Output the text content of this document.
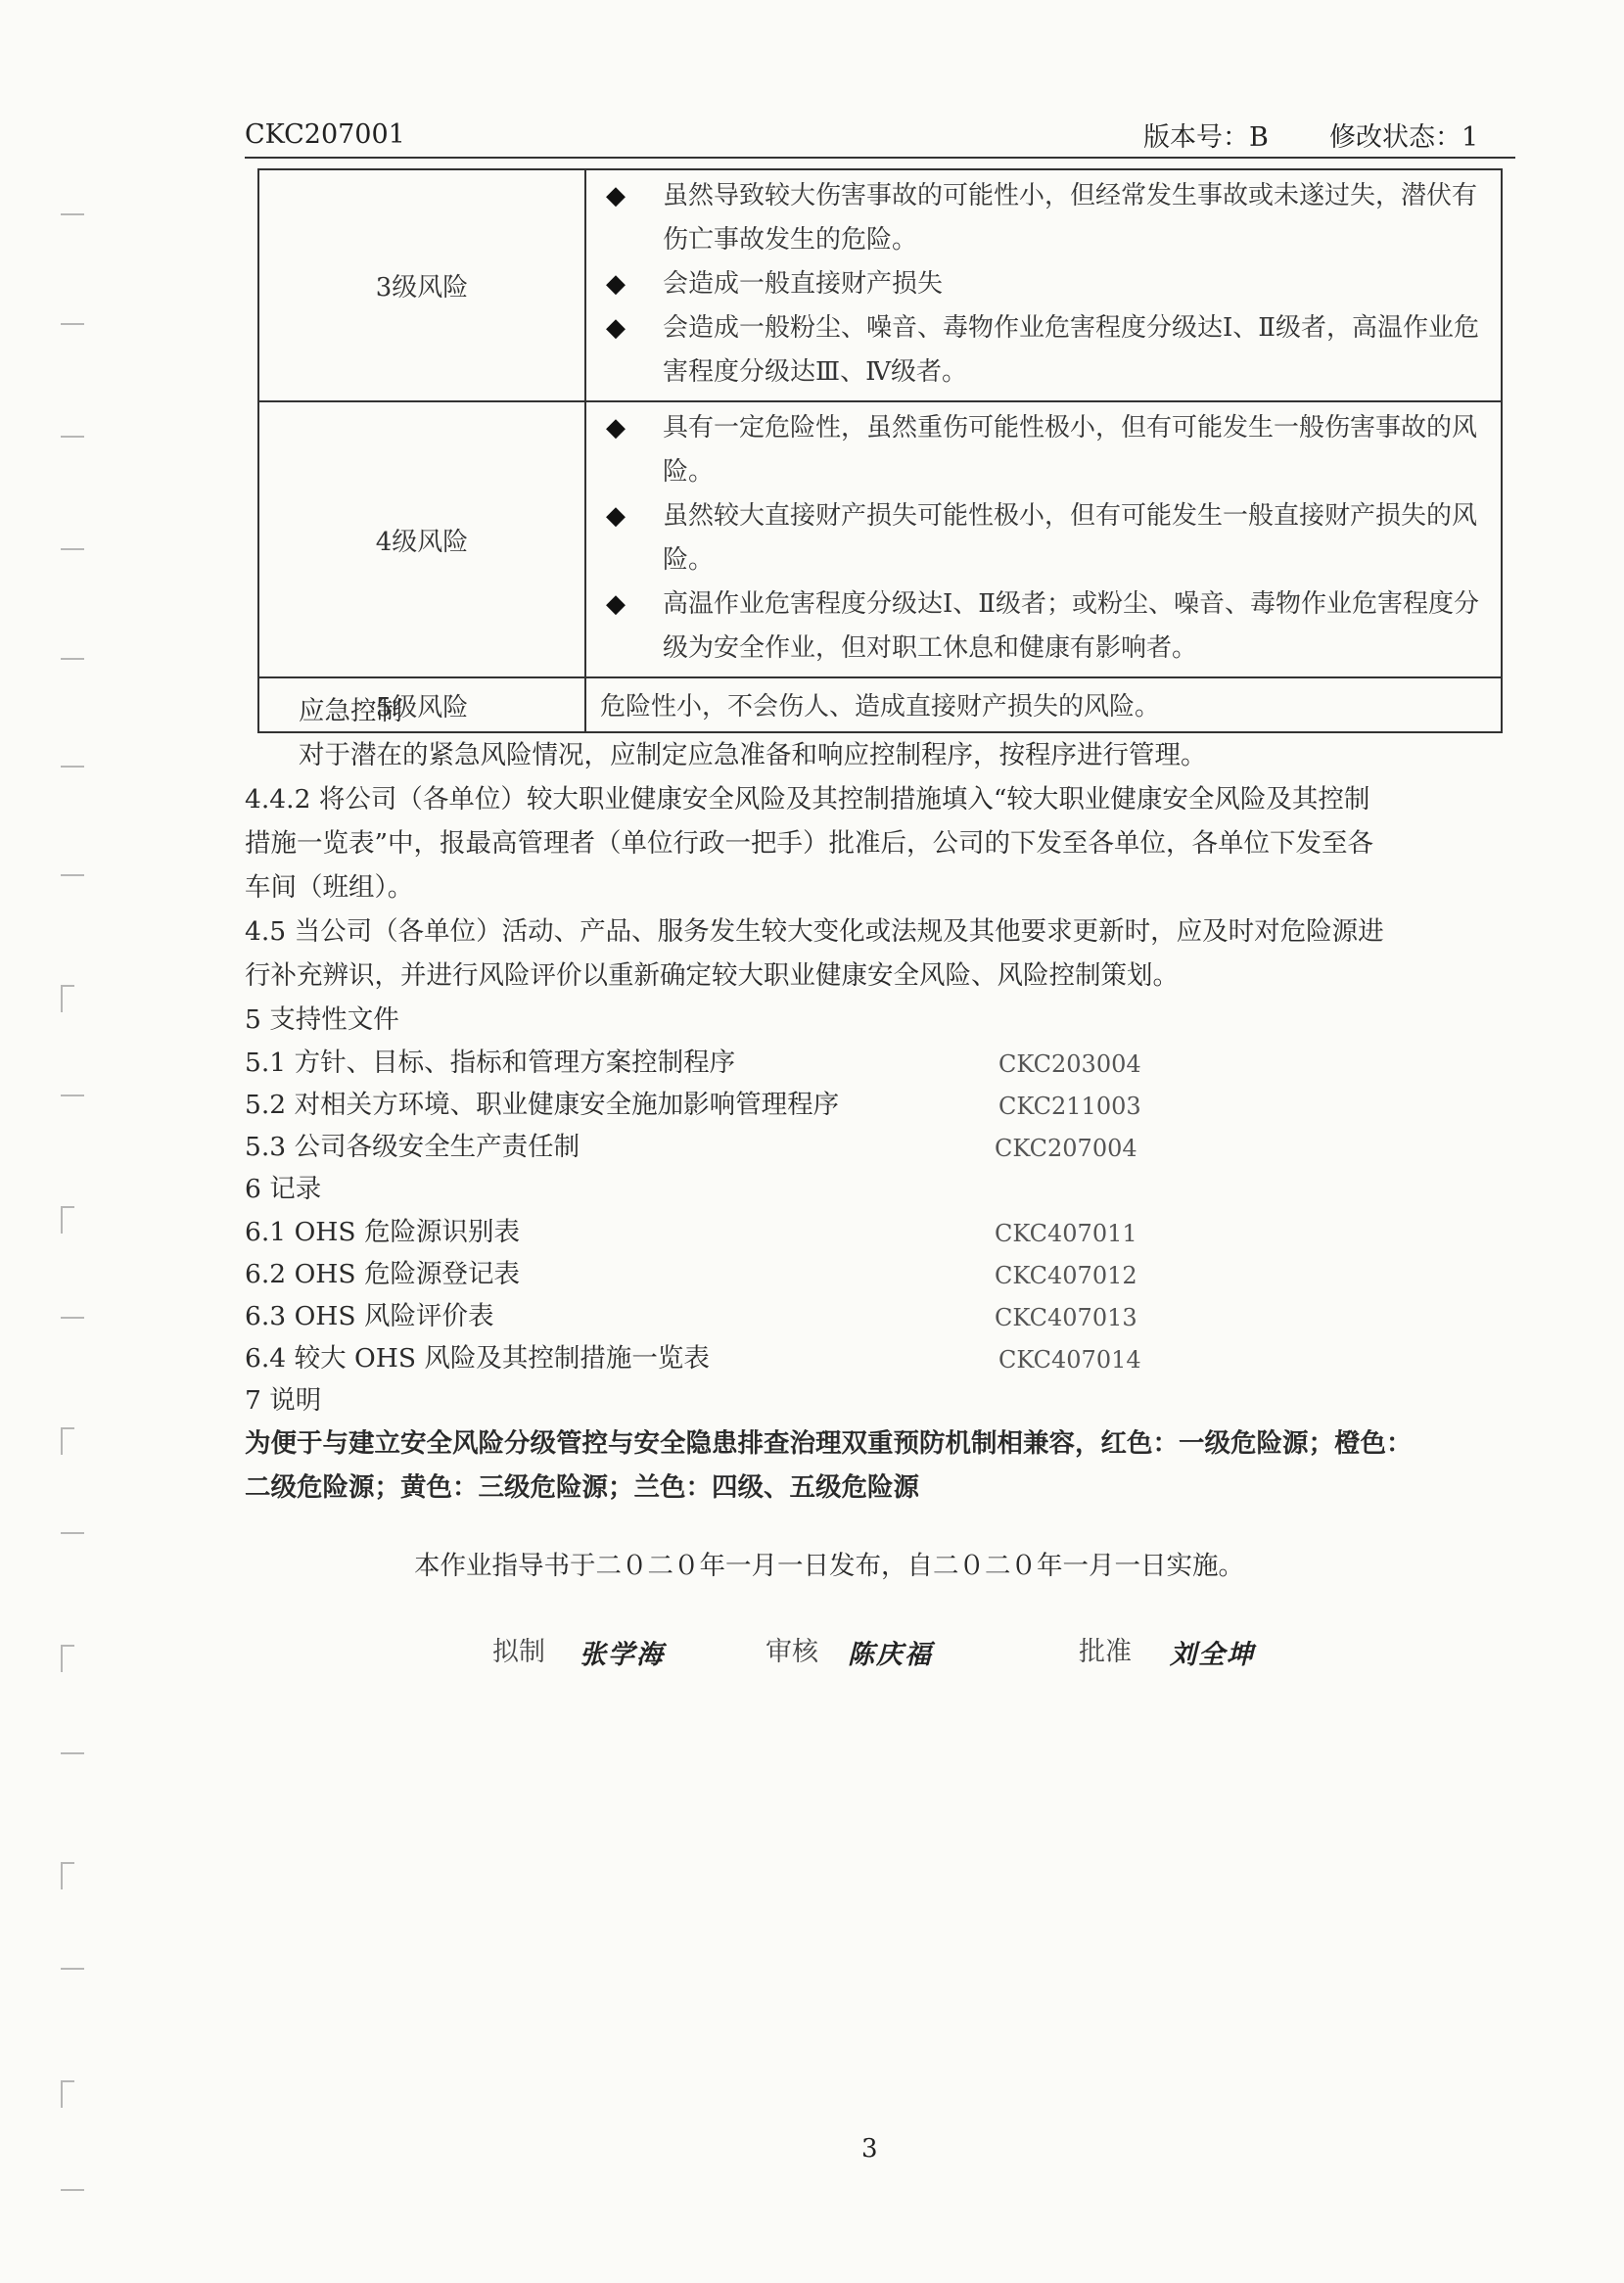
CKC207001	版本号：B 修改状态：1
3级风险	◆ 虽然导致较大伤害事故的可能性小，但经常发生事故或未遂过失，潜伏有伤亡事故发生的危险。
◆ 会造成一般直接财产损失
◆ 会造成一般粉尘、噪音、毒物作业危害程度分级达Ⅰ、Ⅱ级者，高温作业危害程度分级达Ⅲ、Ⅳ级者。

4级风险	◆ 具有一定危险性，虽然重伤可能性极小，但有可能发生一般伤害事故的风险。
◆ 虽然较大直接财产损失可能性极小，但有可能发生一般直接财产损失的风险。
◆ 高温作业危害程度分级达Ⅰ、Ⅱ级者；或粉尘、噪音、毒物作业危害程度分级为安全作业，但对职工休息和健康有影响者。

5级风险	危险性小，不会伤人、造成直接财产损失的风险。
应急控制
对于潜在的紧急风险情况，应制定应急准备和响应控制程序，按程序进行管理。
4.4.2 将公司（各单位）较大职业健康安全风险及其控制措施填入“较大职业健康安全风险及其控制
措施一览表”中，报最高管理者（单位行政一把手）批准后，公司的下发至各单位，各单位下发至各
车间（班组）。
4.5 当公司（各单位）活动、产品、服务发生较大变化或法规及其他要求更新时，应及时对危险源进
行补充辨识，并进行风险评价以重新确定较大职业健康安全风险、风险控制策划。
5 支持性文件
5.1 方针、目标、指标和管理方案控制程序	CKC203004
5.2 对相关方环境、职业健康安全施加影响管理程序	CKC211003
5.3 公司各级安全生产责任制	CKC207004
6 记录
6.1 OHS 危险源识别表	CKC407011
6.2 OHS 危险源登记表	CKC407012
6.3 OHS 风险评价表	CKC407013
6.4 较大 OHS 风险及其控制措施一览表	CKC407014
7 说明
为便于与建立安全风险分级管控与安全隐患排查治理双重预防机制相兼容，红色：一级危险源；橙色：
二级危险源；黄色：三级危险源；兰色：四级、五级危险源
本作业指导书于二０二０年一月一日发布，自二０二０年一月一日实施。
拟制 张学海	审核 陈庆福	批准 刘全坤
3
